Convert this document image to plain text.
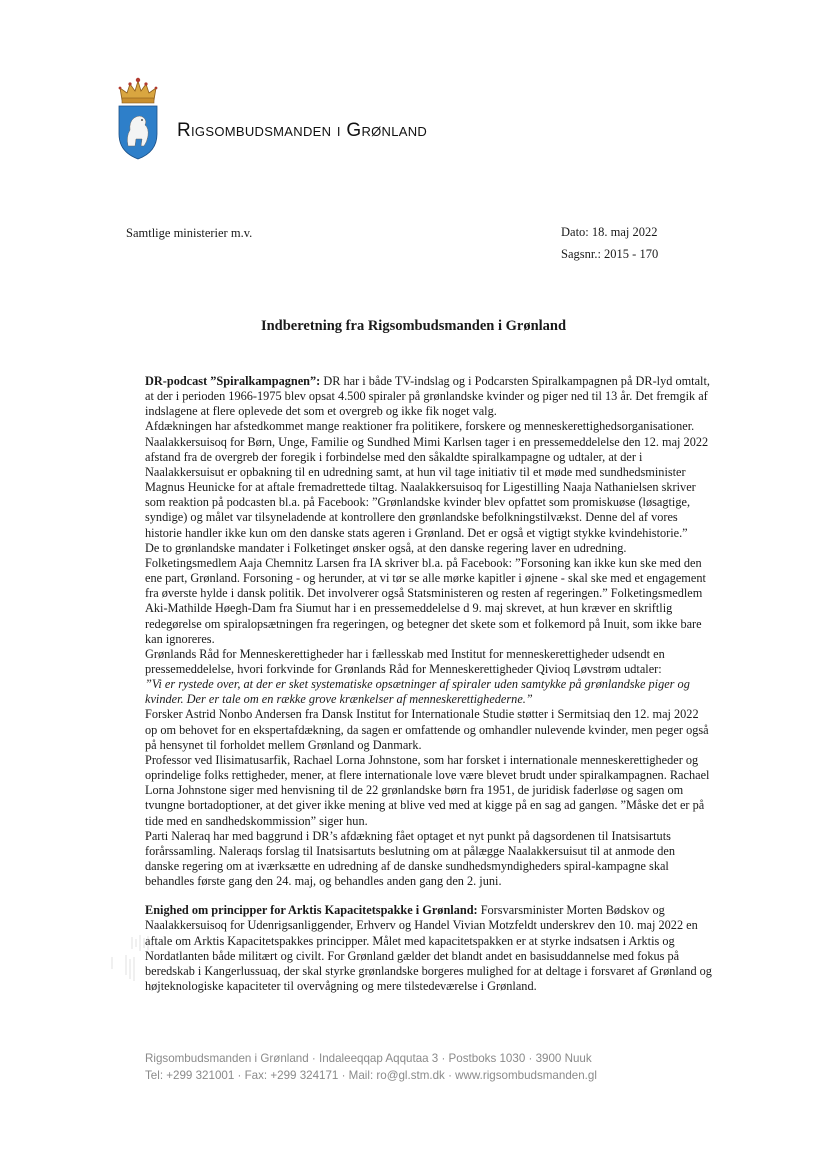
Rigsombudsmanden i Grønland
Samtlige ministerier m.v.	Dato: 18. maj 2022
Sagsnr.: 2015 - 170
Indberetning fra Rigsombudsmanden i Grønland

DR-podcast ”Spiralkampagnen”: DR har i både TV-indslag og i Podcarsten Spiralkampagnen på DR-lyd omtalt, at der i perioden 1966-1975 blev opsat 4.500 spiraler på grønlandske kvinder og piger ned til 13 år. Det fremgik af indslagene at flere oplevede det som et overgreb og ikke fik noget valg.

Afdækningen har afstedkommet mange reaktioner fra politikere, forskere og menneskerettighedsorganisationer.

Naalakkersuisoq for Børn, Unge, Familie og Sundhed Mimi Karlsen tager i en pressemeddelelse den 12. maj 2022 afstand fra de overgreb der foregik i forbindelse med den såkaldte spiralkampagne og udtaler, at der i Naalakkersuisut er opbakning til en udredning samt, at hun vil tage initiativ til et møde med sundhedsminister Magnus Heunicke for at aftale fremadrettede tiltag. Naalakkersuisoq for Ligestilling Naaja Nathanielsen skriver som reaktion på podcasten bl.a. på Facebook: ”Grønlandske kvinder blev opfattet som promiskuøse (løsagtige, syndige) og målet var tilsyneladende at kontrollere den grønlandske befolkningstilvækst. Denne del af vores historie handler ikke kun om den danske stats ageren i Grønland. Det er også et vigtigt stykke kvindehistorie.”

De to grønlandske mandater i Folketinget ønsker også, at den danske regering laver en udredning. Folketingsmedlem Aaja Chemnitz Larsen fra IA skriver bl.a. på Facebook: ”Forsoning kan ikke kun ske med den ene part, Grønland. Forsoning - og herunder, at vi tør se alle mørke kapitler i øjnene - skal ske med et engagement fra øverste hylde i dansk politik. Det involverer også Statsministeren og resten af regeringen.” Folketingsmedlem Aki-Mathilde Høegh-Dam fra Siumut har i en pressemeddelelse d 9. maj skrevet, at hun kræver en skriftlig redegørelse om spiralopsætningen fra regeringen, og betegner det skete som et folkemord på Inuit, som ikke bare kan ignoreres.

Grønlands Råd for Menneskerettigheder har i fællesskab med Institut for menneskerettigheder udsendt en pressemeddelelse, hvori forkvinde for Grønlands Råd for Menneskerettigheder Qivioq Løvstrøm udtaler:

”Vi er rystede over, at der er sket systematiske opsætninger af spiraler uden samtykke på grønlandske piger og kvinder. Der er tale om en række grove krænkelser af menneskerettighederne.”

Forsker Astrid Nonbo Andersen fra Dansk Institut for Internationale Studie støtter i Sermitsiaq den 12. maj 2022 op om behovet for en ekspertafdækning, da sagen er omfattende og omhandler nulevende kvinder, men peger også på hensynet til forholdet mellem Grønland og Danmark.

Professor ved Ilisimatusarfik, Rachael Lorna Johnstone, som har forsket i internationale menneskerettigheder og oprindelige folks rettigheder, mener, at flere internationale love være blevet brudt under spiralkampagnen. Rachael Lorna Johnstone siger med henvisning til de 22 grønlandske børn fra 1951, de juridisk faderløse og sagen om tvungne bortadoptioner, at det giver ikke mening at blive ved med at kigge på en sag ad gangen. ”Måske det er på tide med en sandhedskommission” siger hun.

Parti Naleraq har med baggrund i DR’s afdækning fået optaget et nyt punkt på dagsordenen til Inatsisartuts forårssamling. Naleraqs forslag til Inatsisartuts beslutning om at pålægge Naalakkersuisut til at anmode den danske regering om at iværksætte en udredning af de danske sundhedsmyndigheders spiral-kampagne skal behandles første gang den 24. maj, og behandles anden gang den 2. juni.

Enighed om principper for Arktis Kapacitetspakke i Grønland: Forsvarsminister Morten Bødskov og Naalakkersuisoq for Udenrigsanliggender, Erhverv og Handel Vivian Motzfeldt underskrev den 10. maj 2022 en aftale om Arktis Kapacitetspakkes principper. Målet med kapacitetspakken er at styrke indsatsen i Arktis og Nordatlanten både militært og civilt. For Grønland gælder det blandt andet en basisuddannelse med fokus på beredskab i Kangerlussuaq, der skal styrke grønlandske borgeres mulighed for at deltage i forsvaret af Grønland og højteknologiske kapaciteter til overvågning og mere tilstedeværelse i Grønland.

Rigsombudsmanden i Grønland · Indaleeqqap Aqqutaa 3 · Postboks 1030 · 3900 Nuuk
Tel: +299 321001 · Fax: +299 324171 · Mail: ro@gl.stm.dk · www.rigsombudsmanden.gl
